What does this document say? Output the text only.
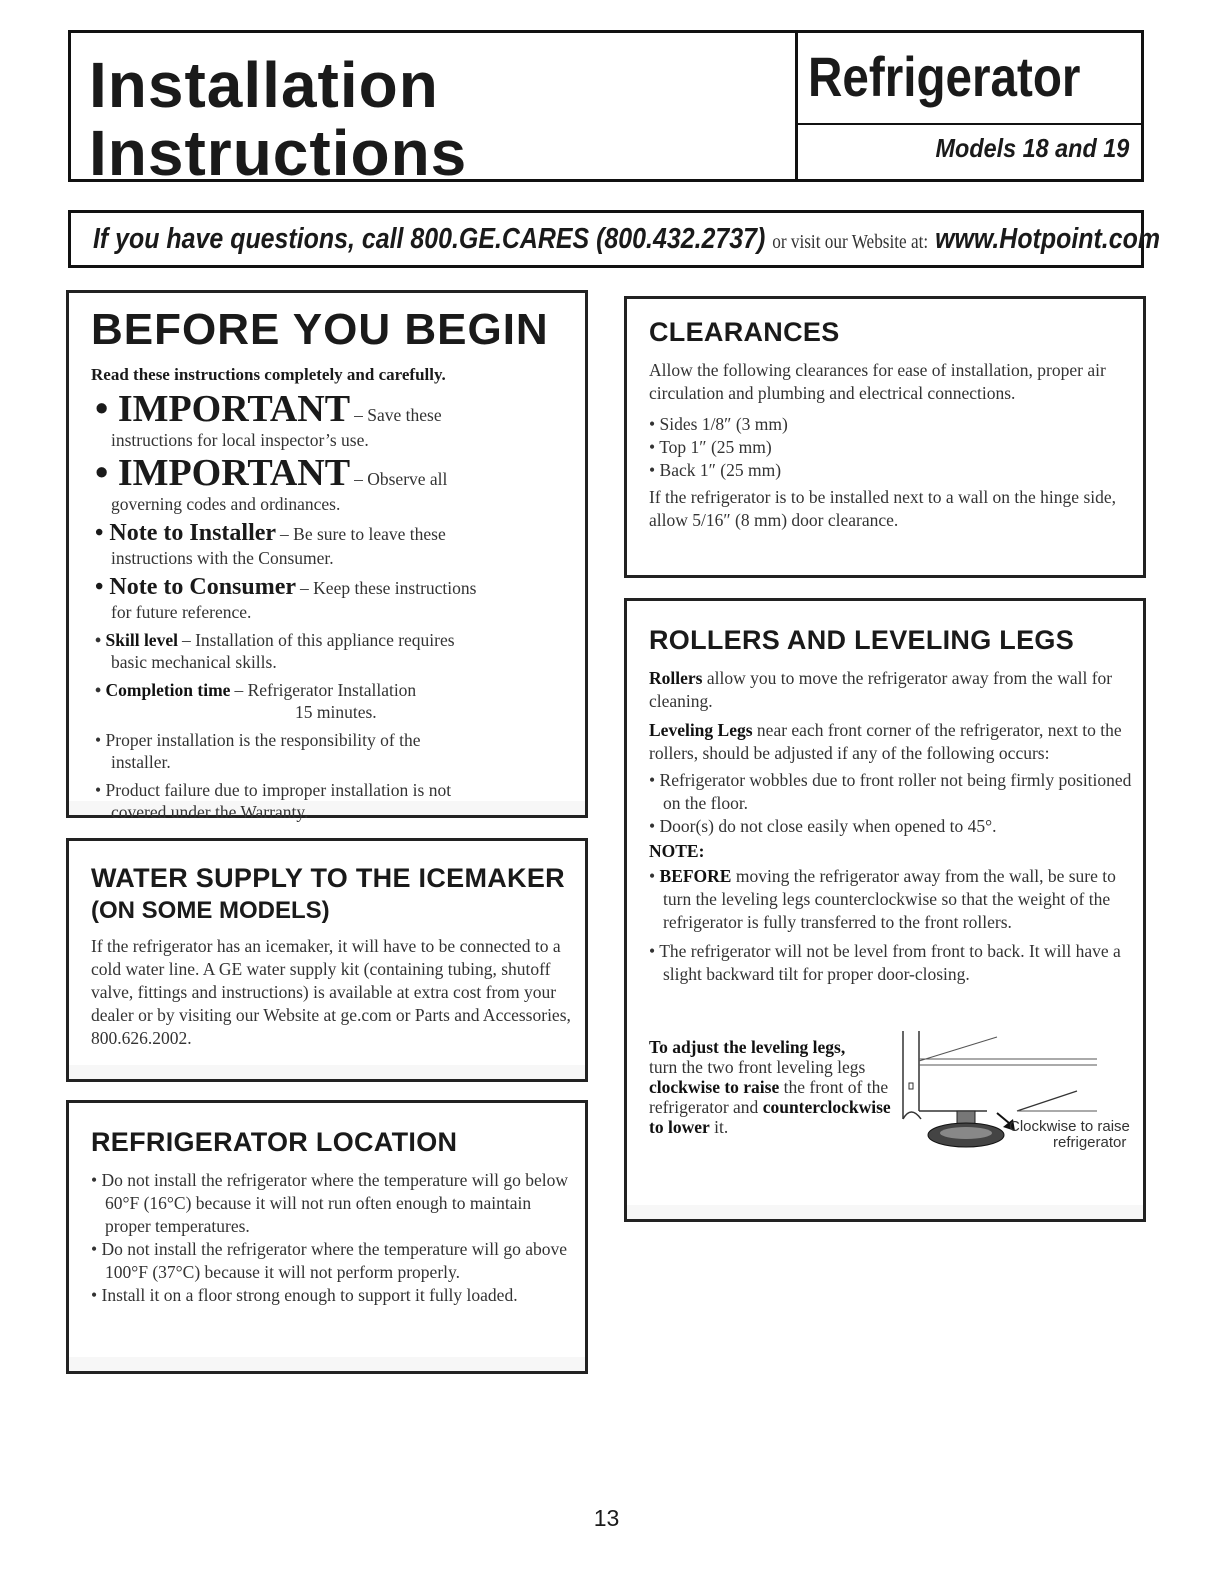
Installation
Instructions
Refrigerator
Models 18 and 19
If you have questions, call 800.GE.CARES (800.432.2737) or visit our Website at: www.Hotpoint.com
BEFORE YOU BEGIN
Read these instructions completely and carefully.
• IMPORTANT – Save these
instructions for local inspector’s use.
• IMPORTANT – Observe all
governing codes and ordinances.
• Note to Installer – Be sure to leave these
instructions with the Consumer.
• Note to Consumer – Keep these instructions
for future reference.
• Skill level – Installation of this appliance requires
basic mechanical skills.
• Completion time – Refrigerator Installation
15 minutes.
• Proper installation is the responsibility of the
installer.
• Product failure due to improper installation is not
covered under the Warranty.
WATER SUPPLY TO THE ICEMAKER
(ON SOME MODELS)
If the refrigerator has an icemaker, it will have to be connected to a cold water line. A GE water supply kit (containing tubing, shutoff valve, fittings and instructions) is available at extra cost from your dealer or by visiting our Website at ge.com or Parts and Accessories, 800.626.2002.
REFRIGERATOR LOCATION

• Do not install the refrigerator where the temperature will go below 60°F (16°C) because it will not run often enough to maintain proper temperatures.

• Do not install the refrigerator where the temperature will go above 100°F (37°C) because it will not perform properly.

• Install it on a floor strong enough to support it fully loaded.

CLEARANCES

Allow the following clearances for ease of installation, proper air circulation and plumbing and electrical connections.

• Sides 1/8″ (3 mm)

• Top 1″ (25 mm)

• Back 1″ (25 mm)

If the refrigerator is to be installed next to a wall on the hinge side, allow 5/16″ (8 mm) door clearance.

ROLLERS AND LEVELING LEGS

Rollers allow you to move the refrigerator away from the wall for cleaning.

Leveling Legs near each front corner of the refrigerator, next to the rollers, should be adjusted if any of the following occurs:

• Refrigerator wobbles due to front roller not being firmly positioned on the floor.

• Door(s) do not close easily when opened to 45°.

NOTE:

• BEFORE moving the refrigerator away from the wall, be sure to turn the leveling legs counterclockwise so that the weight of the refrigerator is fully transferred to the front rollers.

• The refrigerator will not be level from front to back. It will have a slight backward tilt for proper door-closing.

To adjust the leveling legs,
turn the two front leveling legs clockwise to raise the front of the refrigerator and counterclockwise to lower it.	Clockwise to raise
refrigerator
13
